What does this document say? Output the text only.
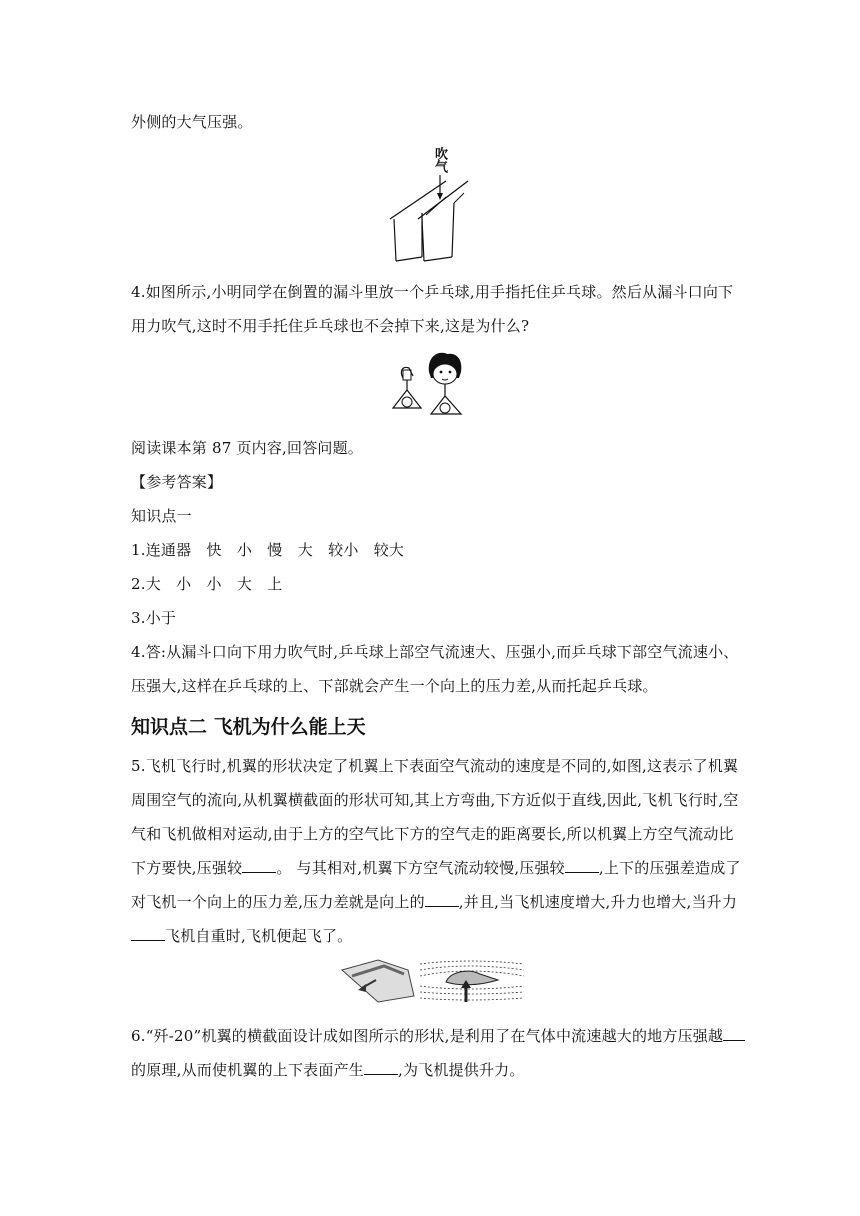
外侧的大气压强。
吹气
4.如图所示,小明同学在倒置的漏斗里放一个乒乓球,用手指托住乒乓球。然后从漏斗口向下
用力吹气,这时不用手托住乒乓球也不会掉下来,这是为什么?
阅读课本第 87 页内容,回答问题。
【参考答案】
知识点一
1.连通器　快　小　慢　大　较小　较大
2.大　小　小　大　上
3.小于
4.答:从漏斗口向下用力吹气时,乒乓球上部空气流速大、压强小,而乒乓球下部空气流速小、
压强大,这样在乒乓球的上、下部就会产生一个向上的压力差,从而托起乒乓球。
知识点二 飞机为什么能上天
5.飞机飞行时,机翼的形状决定了机翼上下表面空气流动的速度是不同的,如图,这表示了机翼
周围空气的流向,从机翼横截面的形状可知,其上方弯曲,下方近似于直线,因此,飞机飞行时,空
气和飞机做相对运动,由于上方的空气比下方的空气走的距离要长,所以机翼上方空气流动比
下方要快,压强较 。 与其相对,机翼下方空气流动较慢,压强较 ,上下的压强差造成了
对飞机一个向上的压力差,压力差就是向上的 ,并且,当飞机速度增大,升力也增大,当升力
飞机自重时,飞机便起飞了。
6.“歼-20”机翼的横截面设计成如图所示的形状,是利用了在气体中流速越大的地方压强越
的原理,从而使机翼的上下表面产生 ,为飞机提供升力。
